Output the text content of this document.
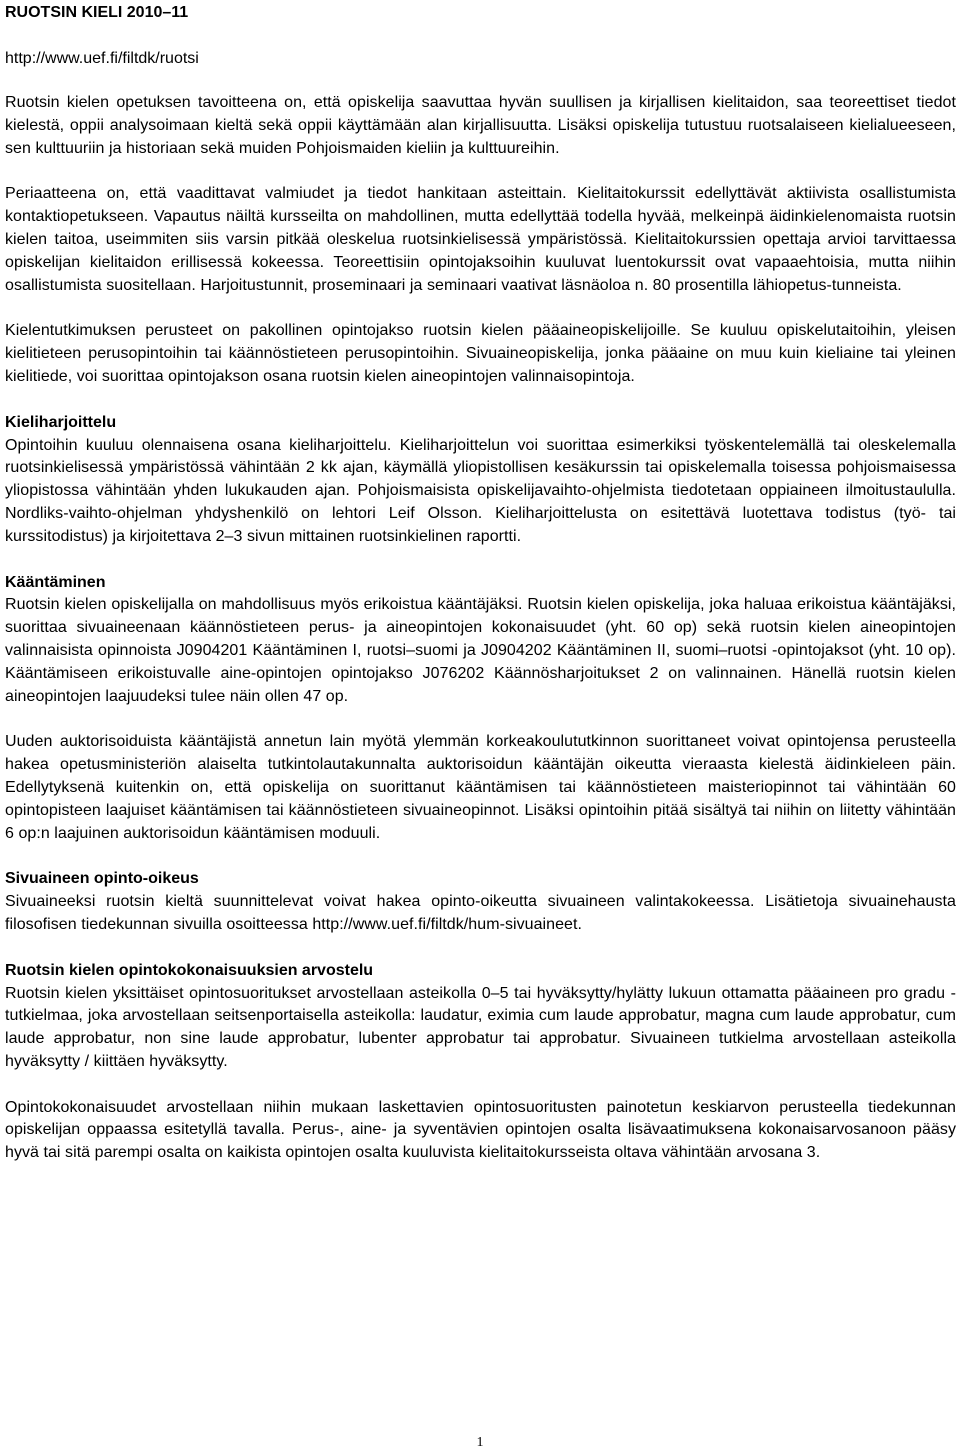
RUOTSIN KIELI 2010–11
http://www.uef.fi/filtdk/ruotsi

Ruotsin kielen opetuksen tavoitteena on, että opiskelija saavuttaa hyvän suullisen ja kirjallisen kielitaidon, saa teoreettiset tiedot kielestä, oppii analysoimaan kieltä sekä oppii käyttämään alan kirjallisuutta. Lisäksi opiskelija tutustuu ruotsalaiseen kielialueeseen, sen kulttuuriin ja historiaan sekä muiden Pohjoismaiden kieliin ja kulttuureihin.

Periaatteena on, että vaadittavat valmiudet ja tiedot hankitaan asteittain. Kielitaitokurssit edellyttävät aktiivista osallistumista kontaktiopetukseen. Vapautus näiltä kursseilta on mahdollinen, mutta edellyttää todella hyvää, melkeinpä äidinkielenomaista ruotsin kielen taitoa, useimmiten siis varsin pitkää oleskelua ruotsinkielisessä ympäristössä. Kielitaitokurssien opettaja arvioi tarvittaessa opiskelijan kielitaidon erillisessä kokeessa. Teoreettisiin opintojaksoihin kuuluvat luentokurssit ovat vapaaehtoisia, mutta niihin osallistumista suositellaan. Harjoitustunnit, proseminaari ja seminaari vaativat läsnäoloa n. 80 prosentilla lähiopetus-tunneista.

Kielentutkimuksen perusteet on pakollinen opintojakso ruotsin kielen pääaineopiskelijoille. Se kuuluu opiskelutaitoihin, yleisen kielitieteen perusopintoihin tai käännöstieteen perusopintoihin. Sivuaineopiskelija, jonka pääaine on muu kuin kieliaine tai yleinen kielitiede, voi suorittaa opintojakson osana ruotsin kielen aineopintojen valinnaisopintoja.

Kieliharjoittelu

Opintoihin kuuluu olennaisena osana kieliharjoittelu. Kieliharjoittelun voi suorittaa esimerkiksi työskentelemällä tai oleskelemalla ruotsinkielisessä ympäristössä vähintään 2 kk ajan, käymällä yliopistollisen kesäkurssin tai opiskelemalla toisessa pohjoismaisessa yliopistossa vähintään yhden lukukauden ajan. Pohjoismaisista opiskelijavaihto-ohjelmista tiedotetaan oppiaineen ilmoitustaululla. Nordliks-vaihto-ohjelman yhdyshenkilö on lehtori Leif Olsson. Kieliharjoittelusta on esitettävä luotettava todistus (työ- tai kurssitodistus) ja kirjoitettava 2–3 sivun mittainen ruotsinkielinen raportti.

Kääntäminen

Ruotsin kielen opiskelijalla on mahdollisuus myös erikoistua kääntäjäksi. Ruotsin kielen opiskelija, joka haluaa erikoistua kääntäjäksi, suorittaa sivuaineenaan käännöstieteen perus- ja aineopintojen kokonaisuudet (yht. 60 op) sekä ruotsin kielen aineopintojen valinnaisista opinnoista J0904201 Kääntäminen I, ruotsi–suomi ja J0904202 Kääntäminen II, suomi–ruotsi -opintojaksot (yht. 10 op). Kääntämiseen erikoistuvalle aine-opintojen opintojakso J076202 Käännösharjoitukset 2 on valinnainen. Hänellä ruotsin kielen aineopintojen laajuudeksi tulee näin ollen 47 op.

Uuden auktorisoiduista kääntäjistä annetun lain myötä ylemmän korkeakoulututkinnon suorittaneet voivat opintojensa perusteella hakea opetusministeriön alaiselta tutkintolautakunnalta auktorisoidun kääntäjän oikeutta vieraasta kielestä äidinkieleen päin. Edellytyksenä kuitenkin on, että opiskelija on suorittanut kääntämisen tai käännöstieteen maisteriopinnot tai vähintään 60 opintopisteen laajuiset kääntämisen tai käännöstieteen sivuaineopinnot. Lisäksi opintoihin pitää sisältyä tai niihin on liitetty vähintään 6 op:n laajuinen auktorisoidun kääntämisen moduuli.

Sivuaineen opinto-oikeus

Sivuaineeksi ruotsin kieltä suunnittelevat voivat hakea opinto-oikeutta sivuaineen valintakokeessa. Lisätietoja sivuainehausta filosofisen tiedekunnan sivuilla osoitteessa http://www.uef.fi/filtdk/hum-sivuaineet.

Ruotsin kielen opintokokonaisuuksien arvostelu

Ruotsin kielen yksittäiset opintosuoritukset arvostellaan asteikolla 0–5 tai hyväksytty/hylätty lukuun ottamatta pääaineen pro gradu -tutkielmaa, joka arvostellaan seitsenportaisella asteikolla: laudatur, eximia cum laude approbatur, magna cum laude approbatur, cum laude approbatur, non sine laude approbatur, lubenter approbatur tai approbatur. Sivuaineen tutkielma arvostellaan asteikolla hyväksytty / kiittäen hyväksytty.

Opintokokonaisuudet arvostellaan niihin mukaan laskettavien opintosuoritusten painotetun keskiarvon perusteella tiedekunnan opiskelijan oppaassa esitetyllä tavalla. Perus-, aine- ja syventävien opintojen osalta lisävaatimuksena kokonaisarvosanoon pääsy hyvä tai sitä parempi osalta on kaikista opintojen osalta kuuluvista kielitaitokursseista oltava vähintään arvosana 3.

1
